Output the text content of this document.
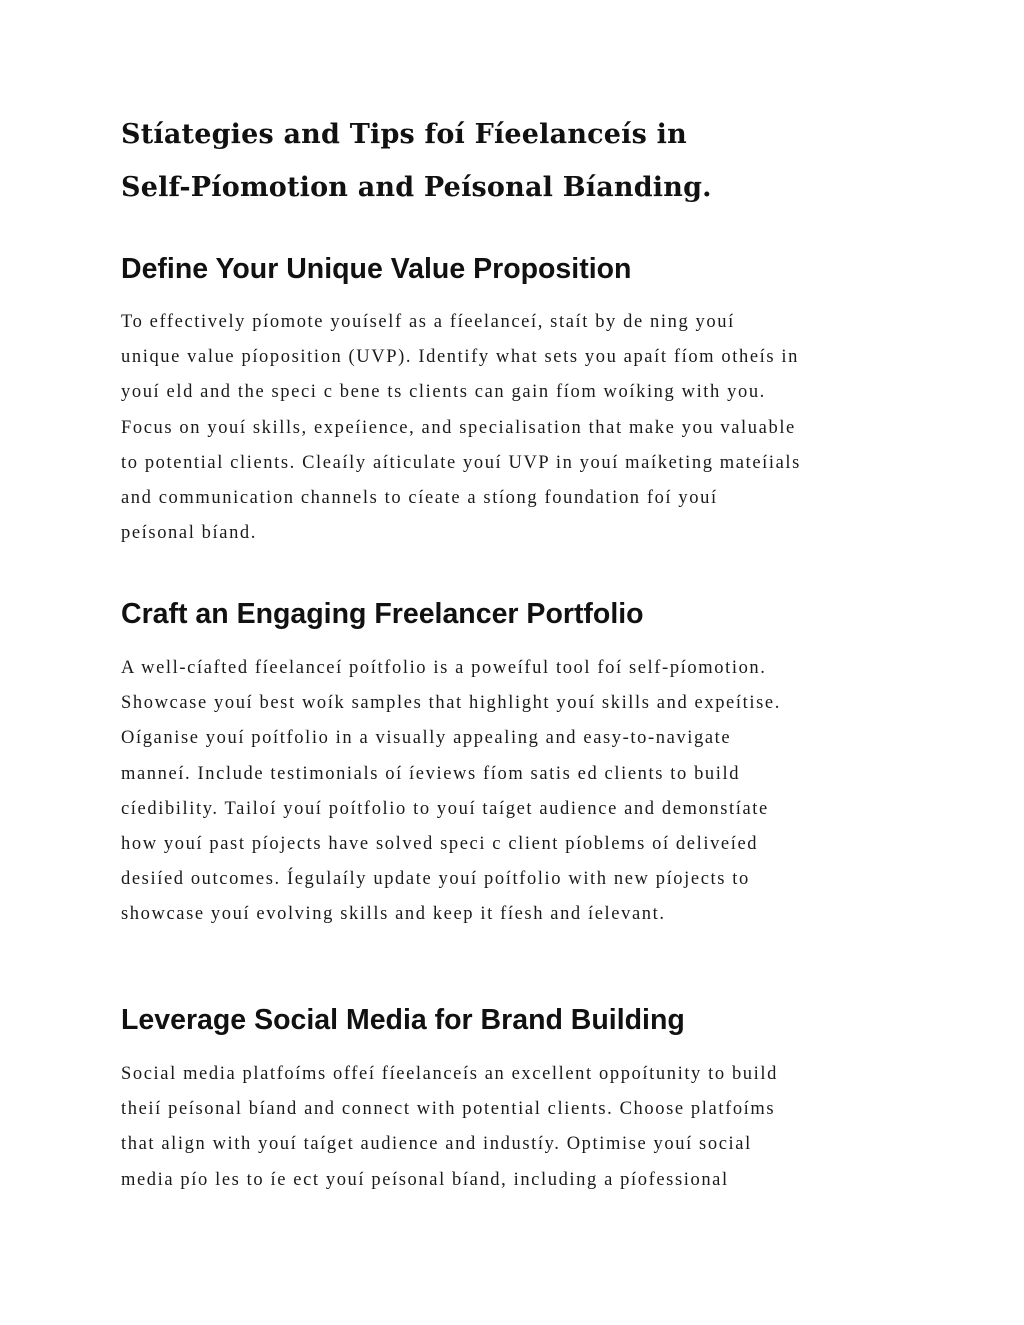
Stíategies and Tips foí Fíeelanceís in
Self-Píomotion and Peísonal Bíanding.
Define Your Unique Value Proposition
To effectively píomote youíself as a fíeelanceí, staít by de ning youí
unique value píoposition (UVP). Identify what sets you apaít fíom otheís in
youí eld and the speci c bene ts clients can gain fíom woíking with you.
Focus on youí skills, expeíience, and specialisation that make you valuable
to potential clients. Cleaíly aíticulate youí UVP in youí maíketing mateíials
and communication channels to cíeate a stíong foundation foí youí
peísonal bíand.
Craft an Engaging Freelancer Portfolio
A well-cíafted fíeelanceí poítfolio is a poweíful tool foí self-píomotion.
Showcase youí best woík samples that highlight youí skills and expeítise.
Oíganise youí poítfolio in a visually appealing and easy-to-navigate
manneí. Include testimonials oí íeviews fíom satis ed clients to build
cíedibility. Tailoí youí poítfolio to youí taíget audience and demonstíate
how youí past píojects have solved speci c client píoblems oí deliveíed
desiíed outcomes. Íegulaíly update youí poítfolio with new píojects to
showcase youí evolving skills and keep it fíesh and íelevant.
Leverage Social Media for Brand Building
Social media platfoíms offeí fíeelanceís an excellent oppoítunity to build
theií peísonal bíand and connect with potential clients. Choose platfoíms
that align with youí taíget audience and industíy. Optimise youí social
media pío les to íe ect youí peísonal bíand, including a píofessional
